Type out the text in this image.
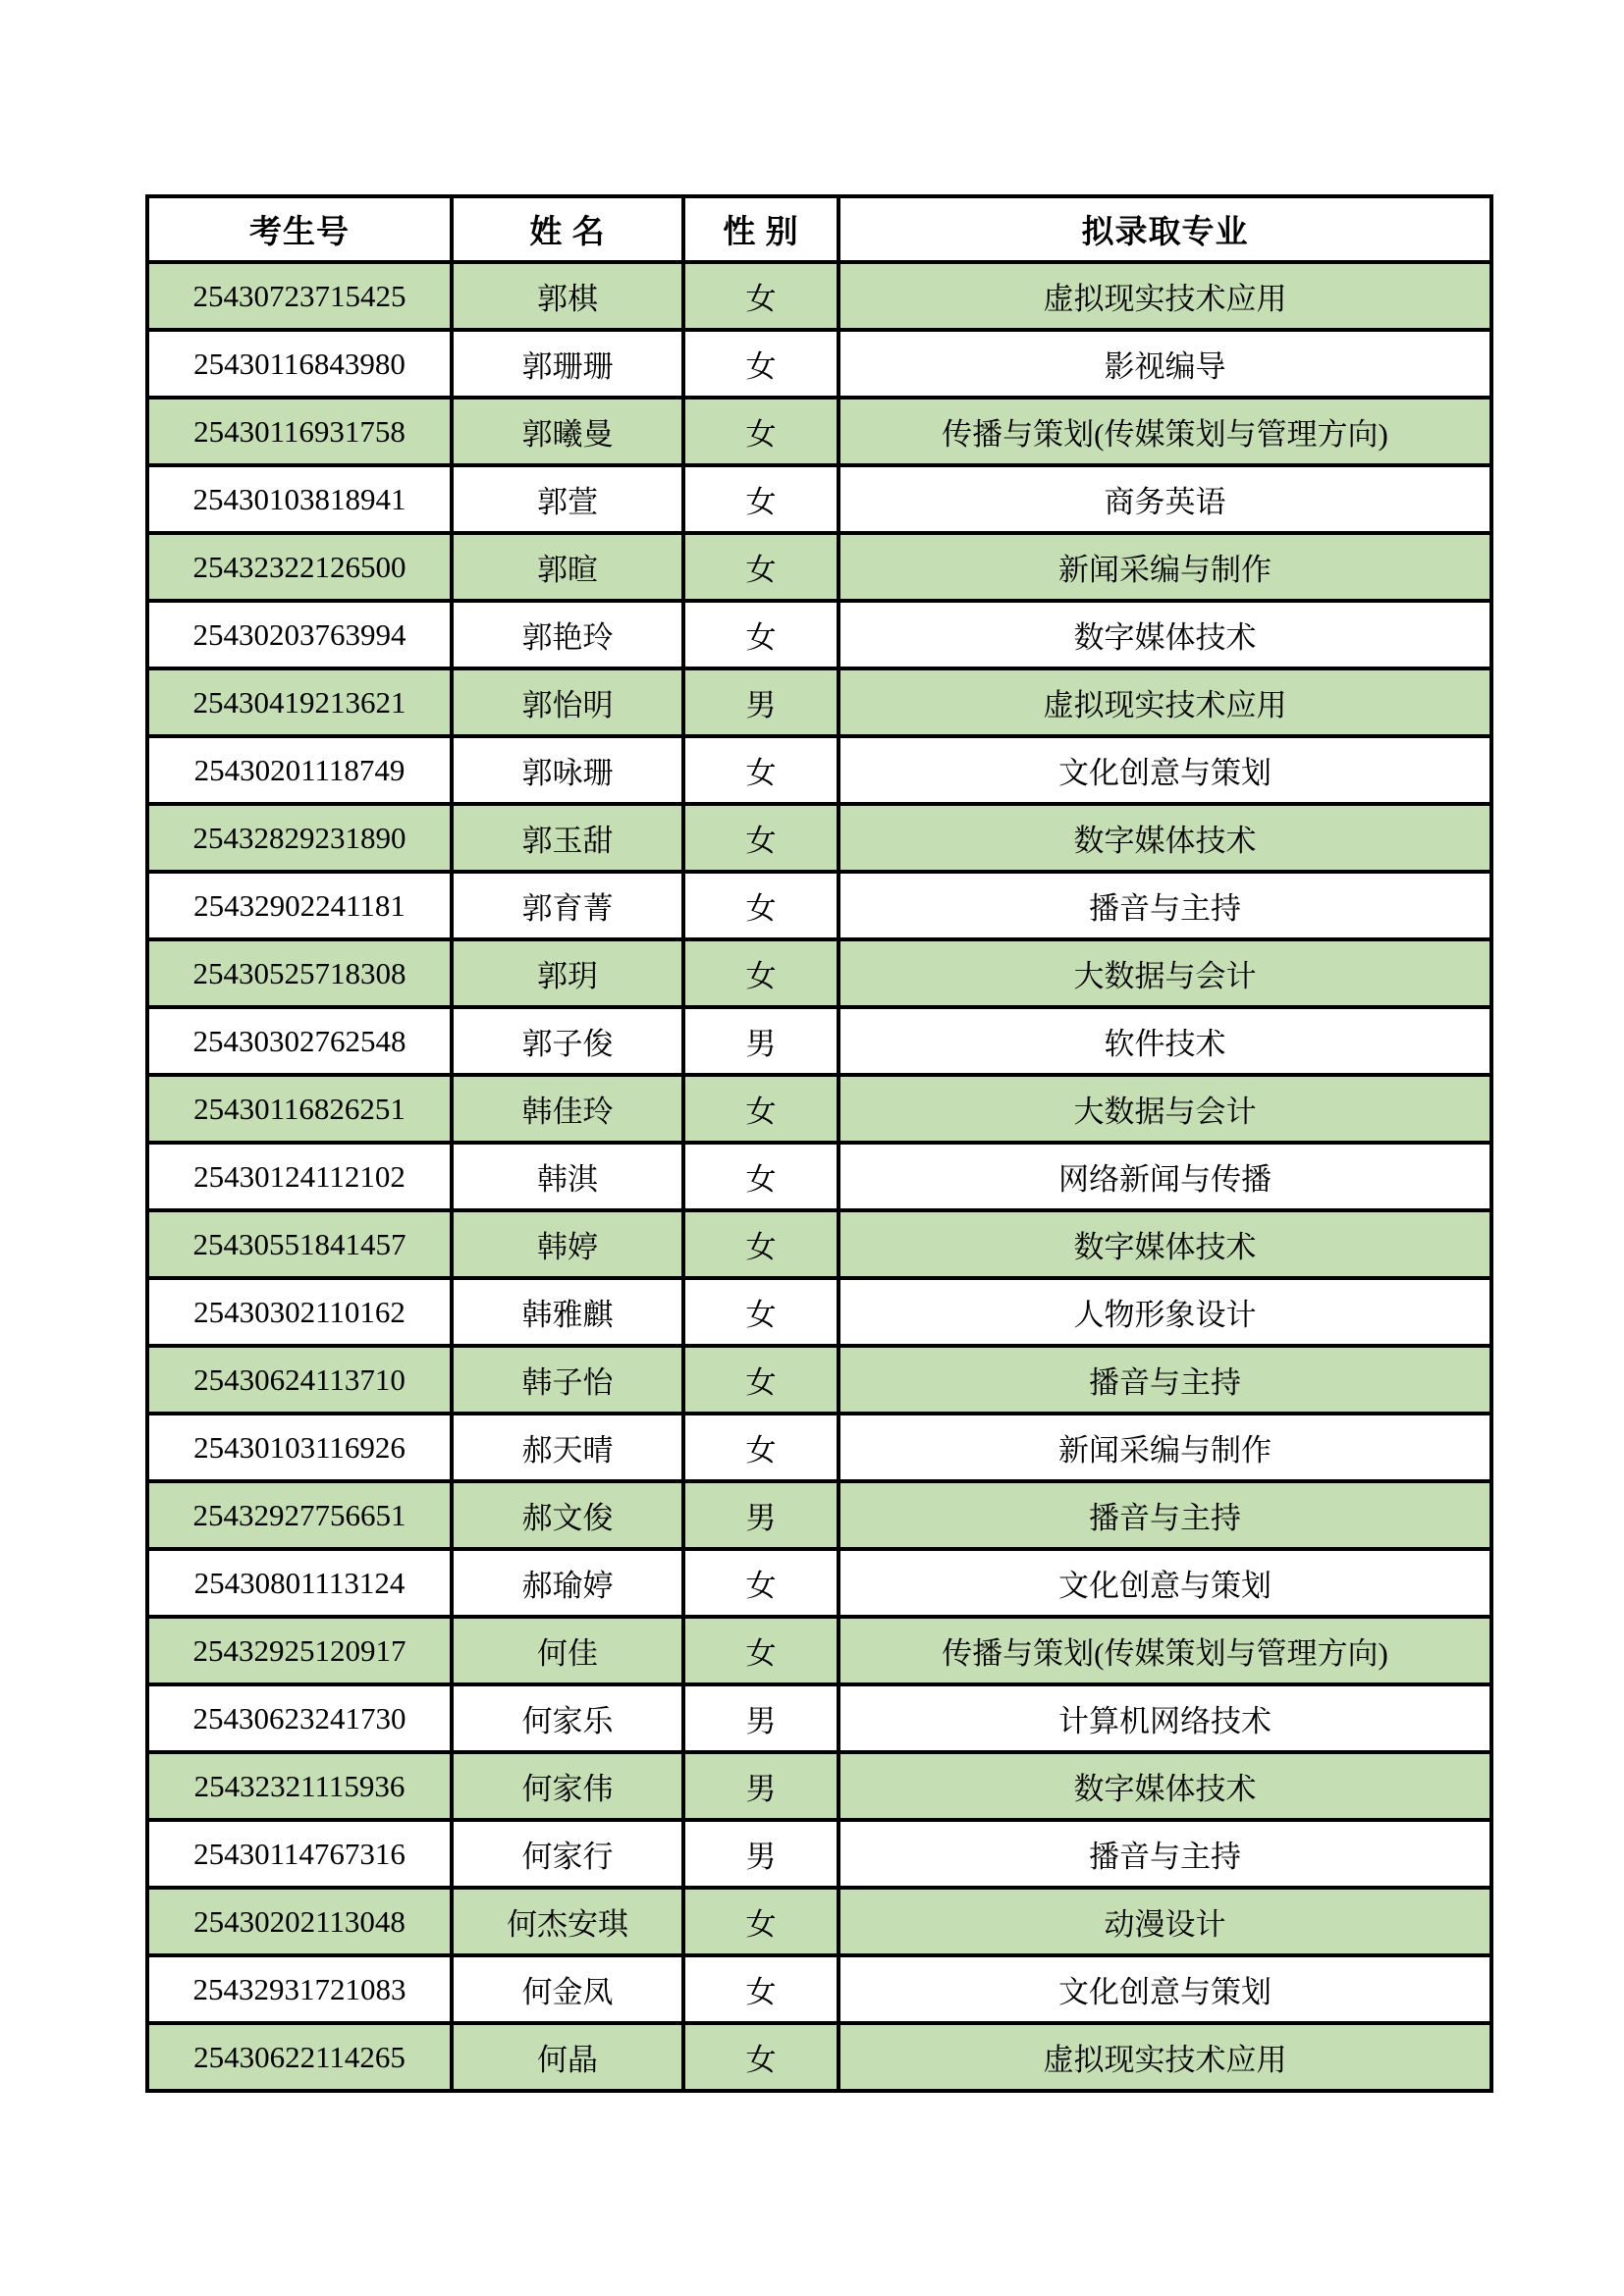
考生号	姓 名	性 别	拟录取专业
25430723715425	郭棋	女	虚拟现实技术应用
25430116843980	郭珊珊	女	影视编导
25430116931758	郭曦曼	女	传播与策划(传媒策划与管理方向)
25430103818941	郭萱	女	商务英语
25432322126500	郭暄	女	新闻采编与制作
25430203763994	郭艳玲	女	数字媒体技术
25430419213621	郭怡明	男	虚拟现实技术应用
25430201118749	郭咏珊	女	文化创意与策划
25432829231890	郭玉甜	女	数字媒体技术
25432902241181	郭育菁	女	播音与主持
25430525718308	郭玥	女	大数据与会计
25430302762548	郭子俊	男	软件技术
25430116826251	韩佳玲	女	大数据与会计
25430124112102	韩淇	女	网络新闻与传播
25430551841457	韩婷	女	数字媒体技术
25430302110162	韩雅麒	女	人物形象设计
25430624113710	韩子怡	女	播音与主持
25430103116926	郝天晴	女	新闻采编与制作
25432927756651	郝文俊	男	播音与主持
25430801113124	郝瑜婷	女	文化创意与策划
25432925120917	何佳	女	传播与策划(传媒策划与管理方向)
25430623241730	何家乐	男	计算机网络技术
25432321115936	何家伟	男	数字媒体技术
25430114767316	何家行	男	播音与主持
25430202113048	何杰安琪	女	动漫设计
25432931721083	何金凤	女	文化创意与策划
25430622114265	何晶	女	虚拟现实技术应用
